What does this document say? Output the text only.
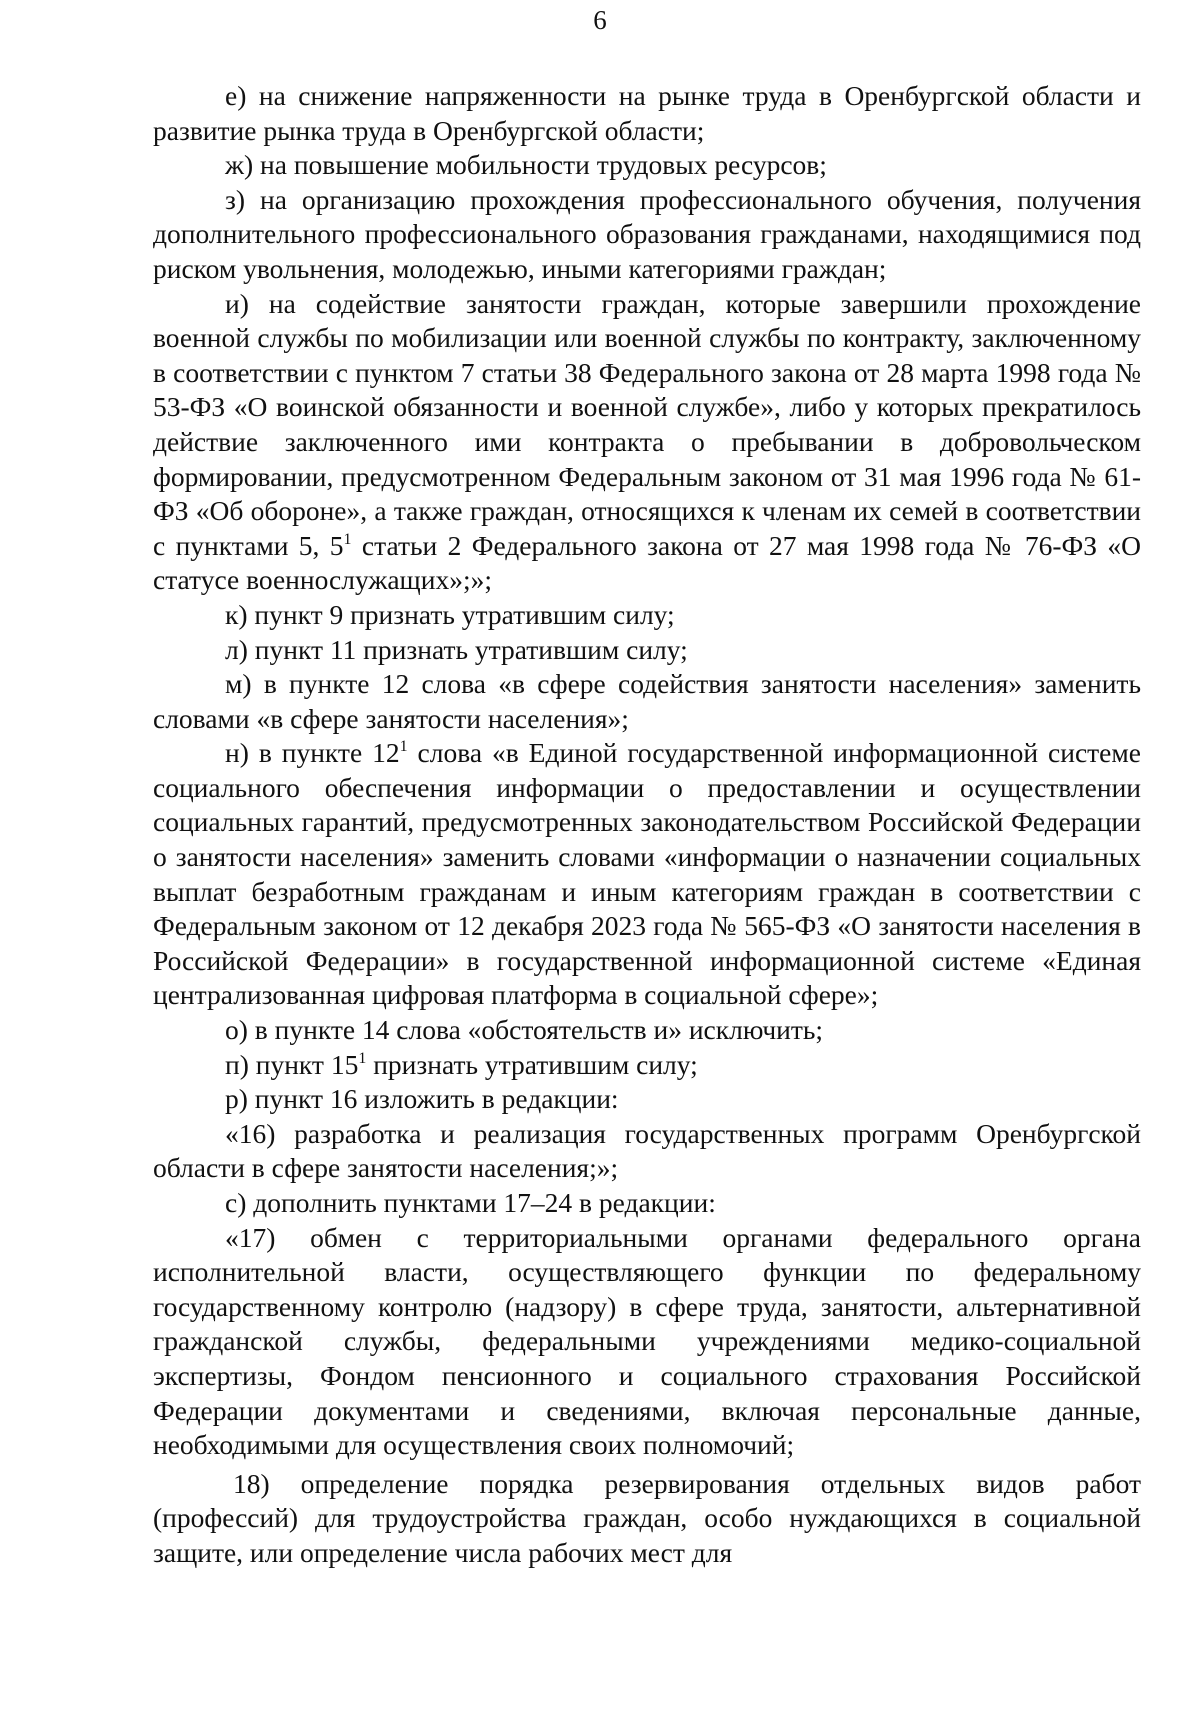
6

е) на снижение напряженности на рынке труда в Оренбургской области и развитие рынка труда в Оренбургской области;

ж) на повышение мобильности трудовых ресурсов;

з) на организацию прохождения профессионального обучения, получения дополнительного профессионального образования гражданами, находящимися под риском увольнения, молодежью, иными категориями граждан;

и) на содействие занятости граждан, которые завершили прохождение военной службы по мобилизации или военной службы по контракту, заключенному в соответствии с пунктом 7 статьи 38 Федерального закона от 28 марта 1998 года № 53-ФЗ «О воинской обязанности и военной службе», либо у которых прекратилось действие заключенного ими контракта о пребывании в добровольческом формировании, предусмотренном Федеральным законом от 31 мая 1996 года № 61-ФЗ «Об обороне», а также граждан, относящихся к членам их семей в соответствии с пунктами 5, $5^1$ статьи 2 Федерального закона от 27 мая 1998 года № 76-ФЗ «О статусе военнослужащих»;»;

к) пункт 9 признать утратившим силу;

л) пункт 11 признать утратившим силу;

м) в пункте 12 слова «в сфере содействия занятости населения» заменить словами «в сфере занятости населения»;

н) в пункте $12^1$ слова «в Единой государственной информационной системе социального обеспечения информации о предоставлении и осуществлении социальных гарантий, предусмотренных законодательством Российской Федерации о занятости населения» заменить словами «информации о назначении социальных выплат безработным гражданам и иным категориям граждан в соответствии с Федеральным законом от 12 декабря 2023 года № 565-ФЗ «О занятости населения в Российской Федерации» в государственной информационной системе «Единая централизованная цифровая платформа в социальной сфере»;

о) в пункте 14 слова «обстоятельств и» исключить;

п) пункт $15^1$ признать утратившим силу;

р) пункт 16 изложить в редакции:

«16) разработка и реализация государственных программ Оренбургской области в сфере занятости населения;»;

с) дополнить пунктами 17–24 в редакции:

«17) обмен с территориальными органами федерального органа исполнительной власти, осуществляющего функции по федеральному государственному контролю (надзору) в сфере труда, занятости, альтернативной гражданской службы, федеральными учреждениями медико-социальной экспертизы, Фондом пенсионного и социального страхования Российской Федерации документами и сведениями, включая персональные данные, необходимыми для осуществления своих полномочий;

18) определение порядка резервирования отдельных видов работ (профессий) для трудоустройства граждан, особо нуждающихся в социальной защите, или определение числа рабочих мест для
